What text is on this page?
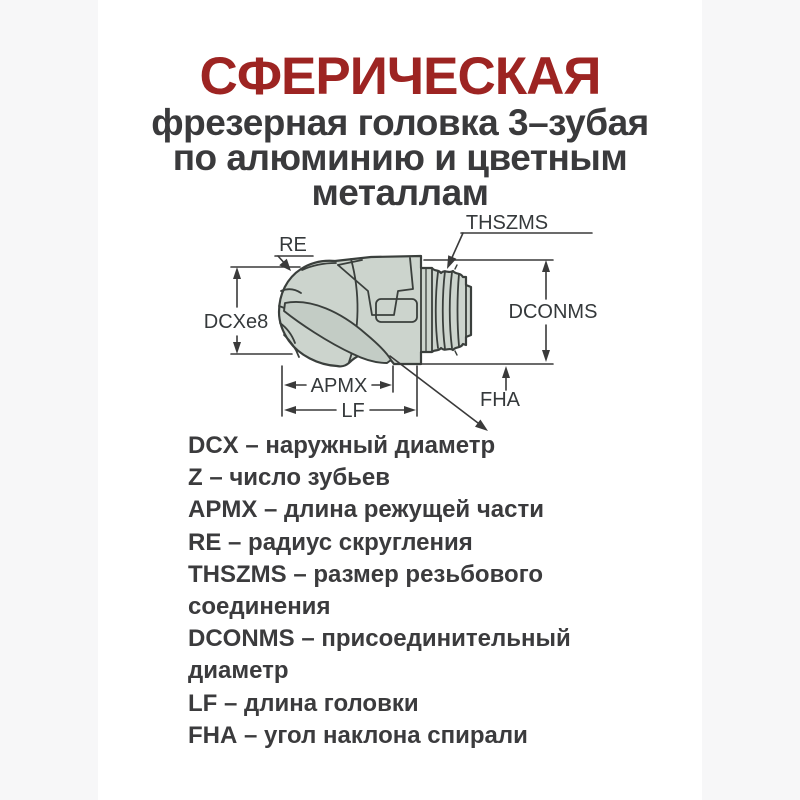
СФЕРИЧЕСКАЯ
фрезерная головка 3–зубая
по алюминию и цветным
металлам
RE
THSZMS
DCXe8	DCONMS
APMX
LF	FHA
DCX – наружный диаметр
Z – число зубьев
APMX – длина режущей части
RE – радиус скругления
THSZMS – размер резьбового
соединения
DCONMS – присоединительный
диаметр
LF – длина головки
FHA – угол наклона спирали
